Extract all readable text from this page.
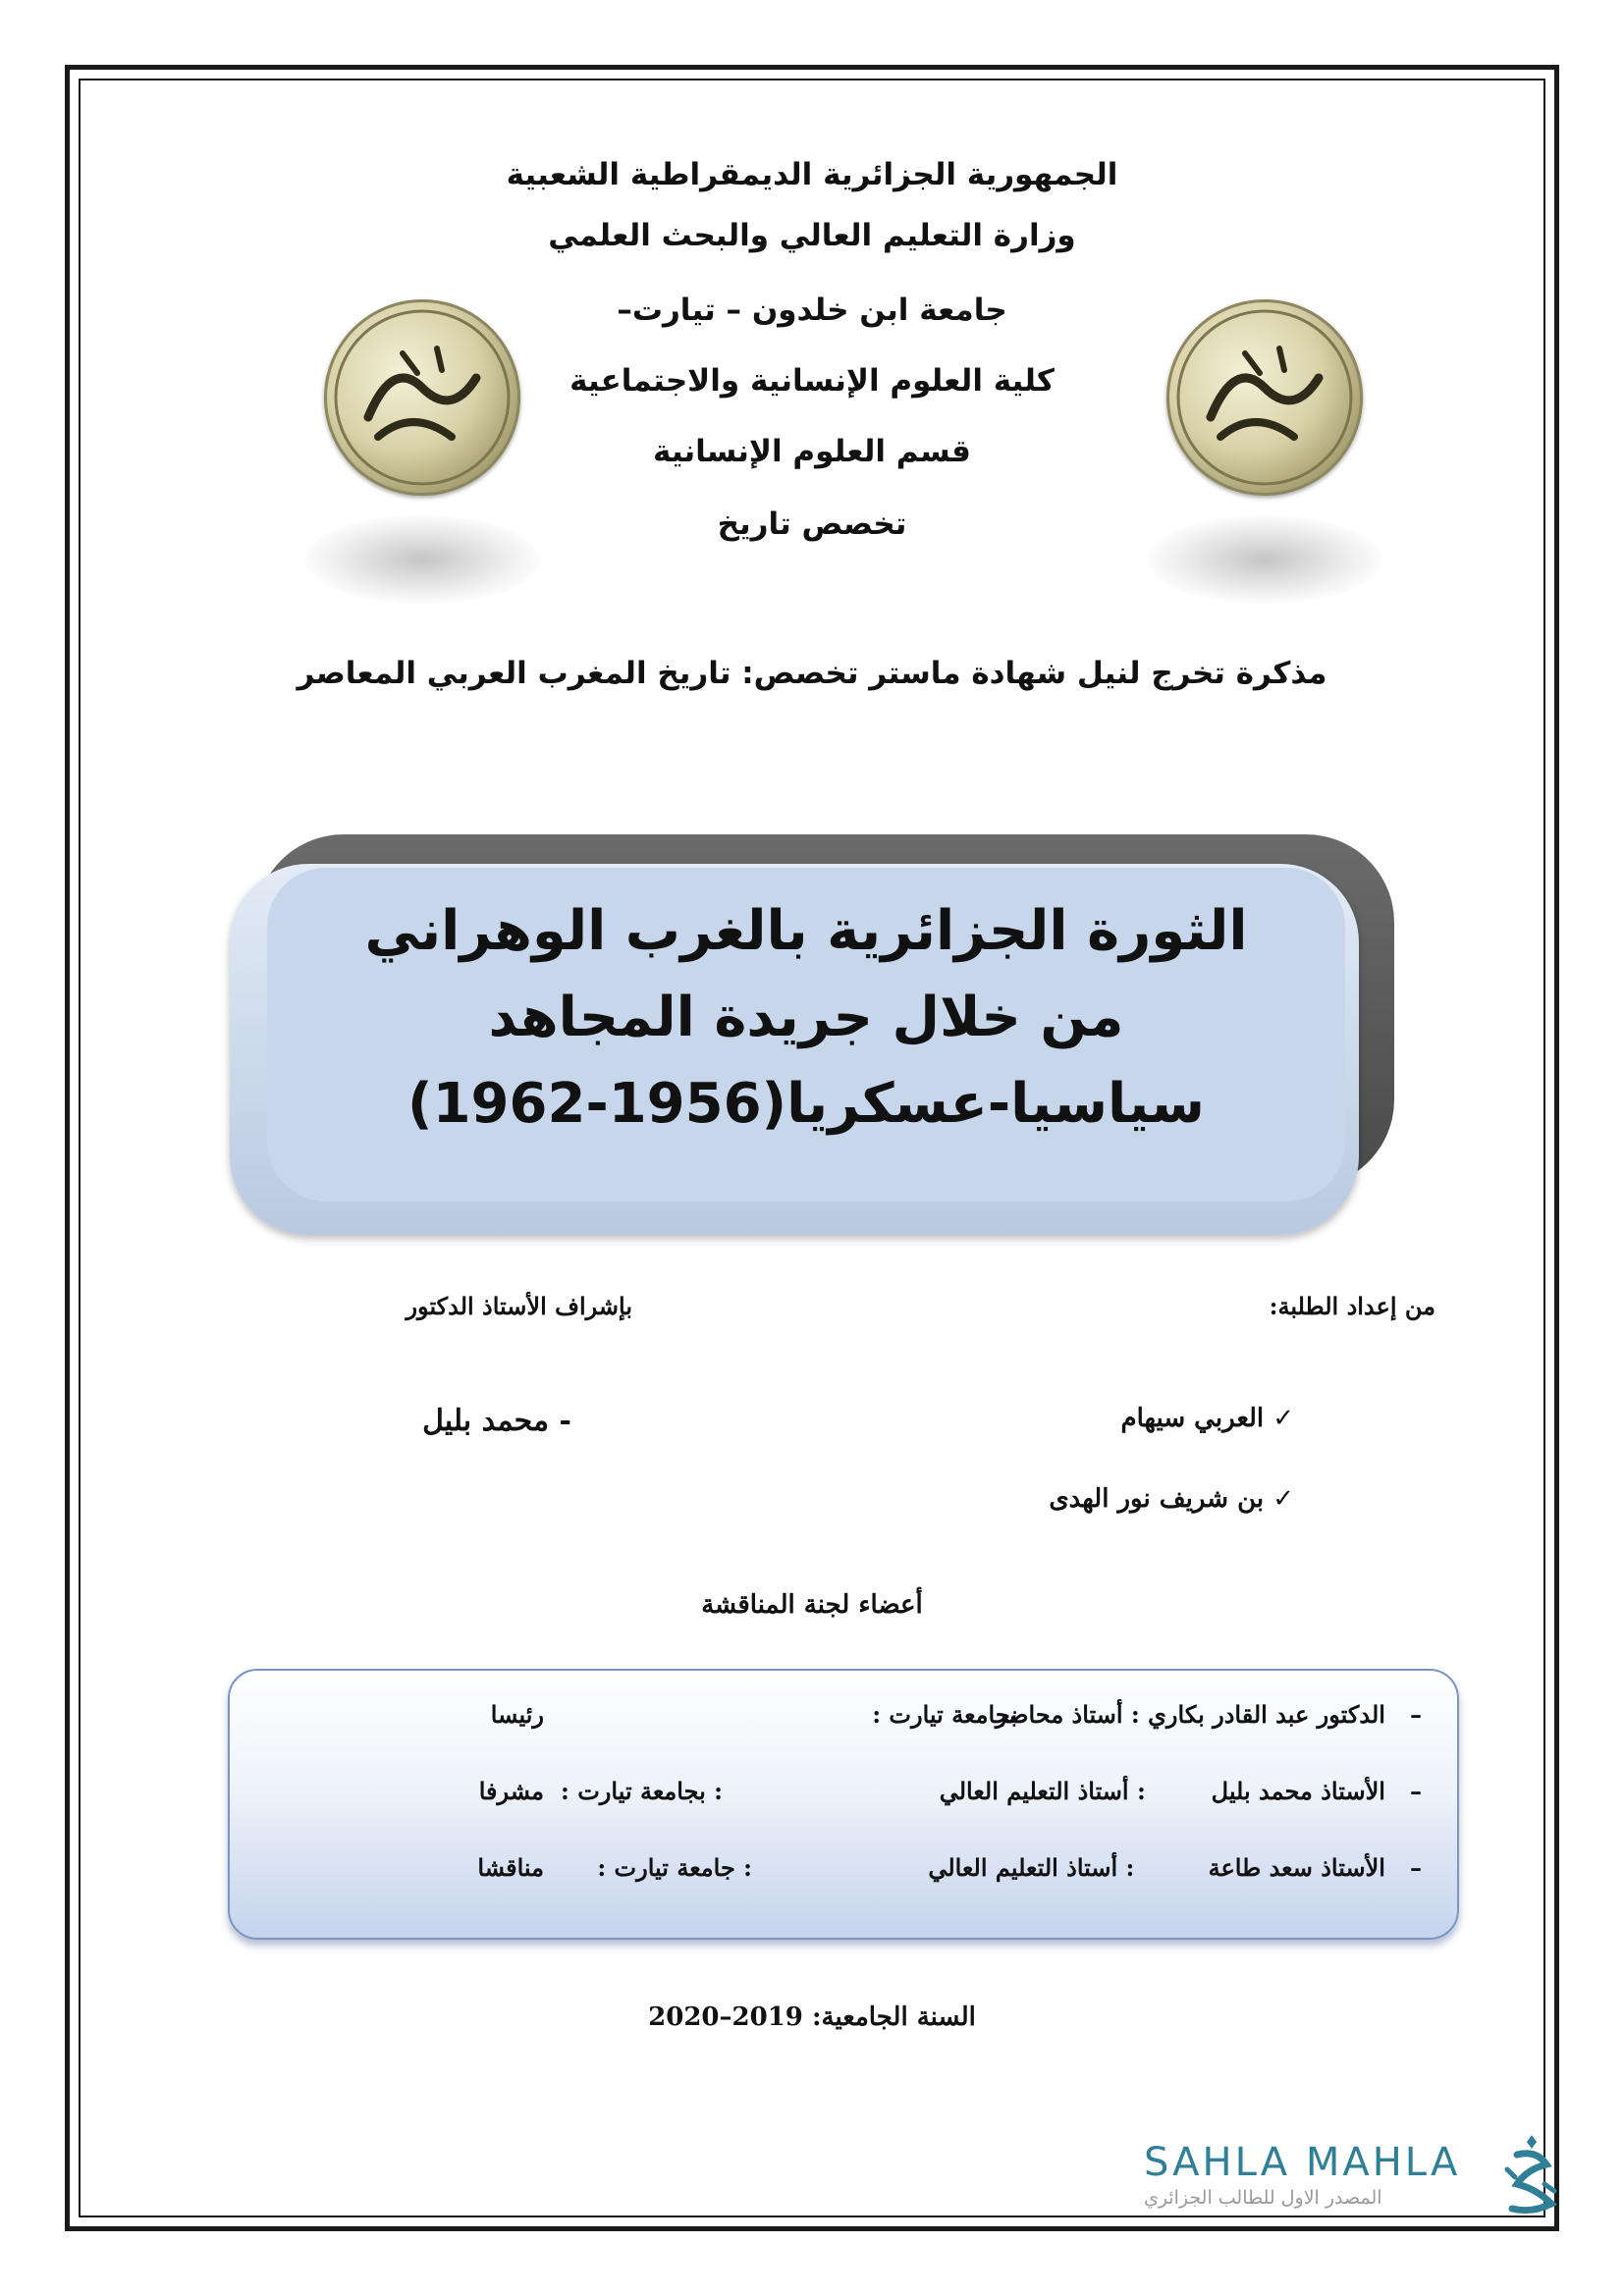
الجمهورية الجزائرية الديمقراطية الشعبية
وزارة التعليم العالي والبحث العلمي
جامعة ابن خلدون – تيارت–
كلية العلوم الإنسانية والاجتماعية
قسم العلوم الإنسانية
تخصص تاريخ
مذكرة تخرج لنيل شهادة ماستر تخصص: تاريخ المغرب العربي المعاصر
الثورة الجزائرية بالغرب الوهراني
من خلال جريدة المجاهد
سياسيا-عسكريا(1956-1962)
من إعداد الطلبة:
بإشراف الأستاذ الدكتور
✓ العربي سيهام
✓ بن شريف نور الهدى
- محمد بليل
أعضاء لجنة المناقشة
–   الدكتور عبد القادر بكاري : أستاذ محاضر
بجامعة تيارت :
رئيسا
–   الأستاذ محمد بليل        : أستاذ التعليم العالي
: بجامعة تيارت :
مشرفا
–   الأستاذ سعد طاعة         : أستاذ التعليم العالي
: جامعة تيارت :
مناقشا
السنة الجامعية: 2019–2020
SAHLA MAHLA
المصدر الاول للطالب الجزائري
